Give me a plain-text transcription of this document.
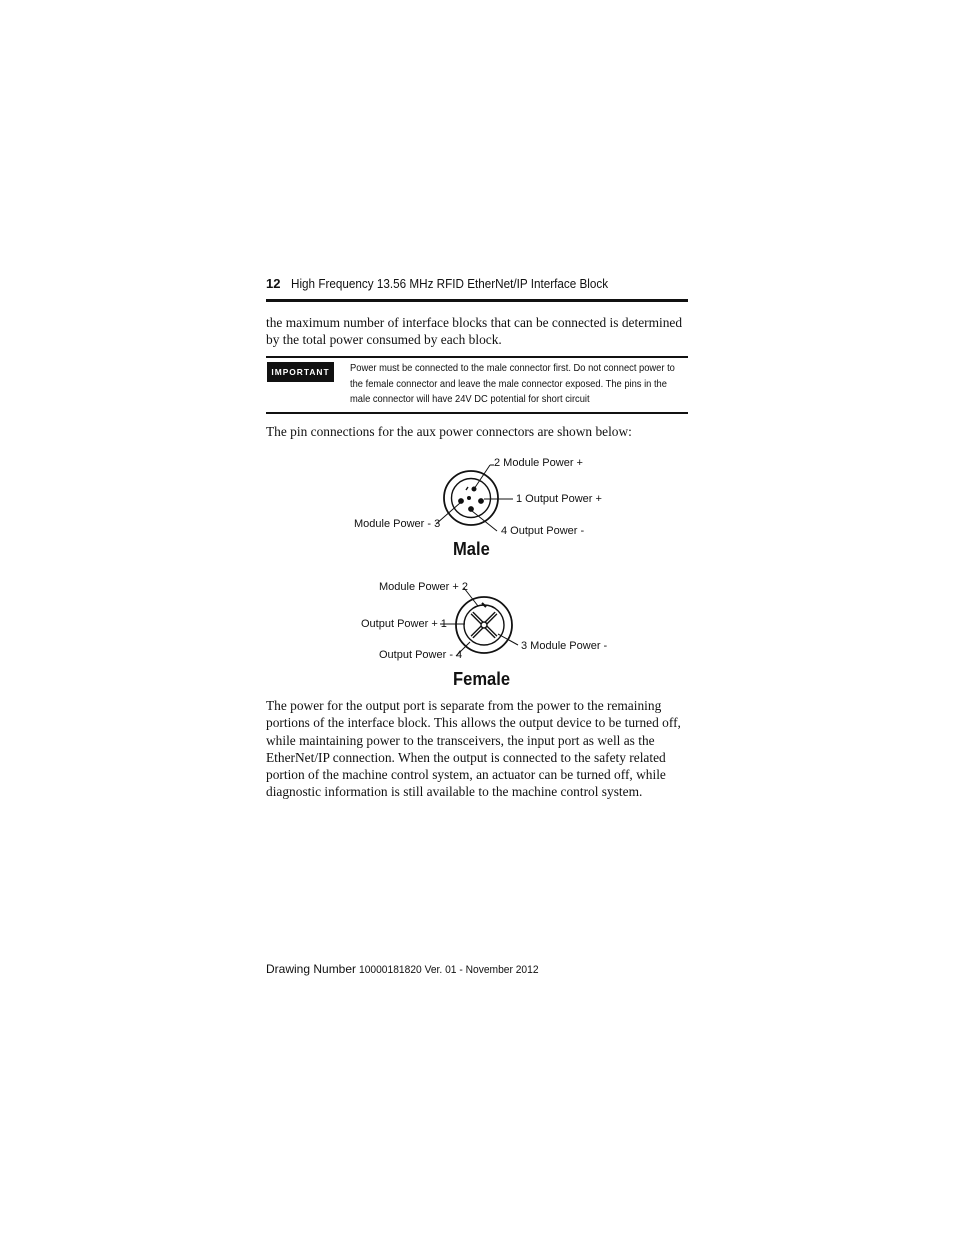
12 High Frequency 13.56 MHz RFID EtherNet/IP Interface Block
the maximum number of interface blocks that can be connected is determined by the total power consumed by each block.
IMPORTANT	Power must be connected to the male connector first. Do not connect power to the female connector and leave the male connector exposed. The pins in the male connector will have 24V DC potential for short circuit
The pin connections for the aux power connectors are shown below:
2 Module Power +
1 Output Power +
Module Power - 3
4 Output Power -
Male
Module Power + 2
Output Power + 1
Output Power - 4
3 Module Power -
Female
The power for the output port is separate from the power to the remaining portions of the interface block. This allows the output device to be turned off, while maintaining power to the transceivers, the input port as well as the EtherNet/IP connection. When the output is connected to the safety related portion of the machine control system, an actuator can be turned off, while diagnostic information is still available to the machine control system.
Drawing Number 10000181820 Ver. 01 - November 2012
